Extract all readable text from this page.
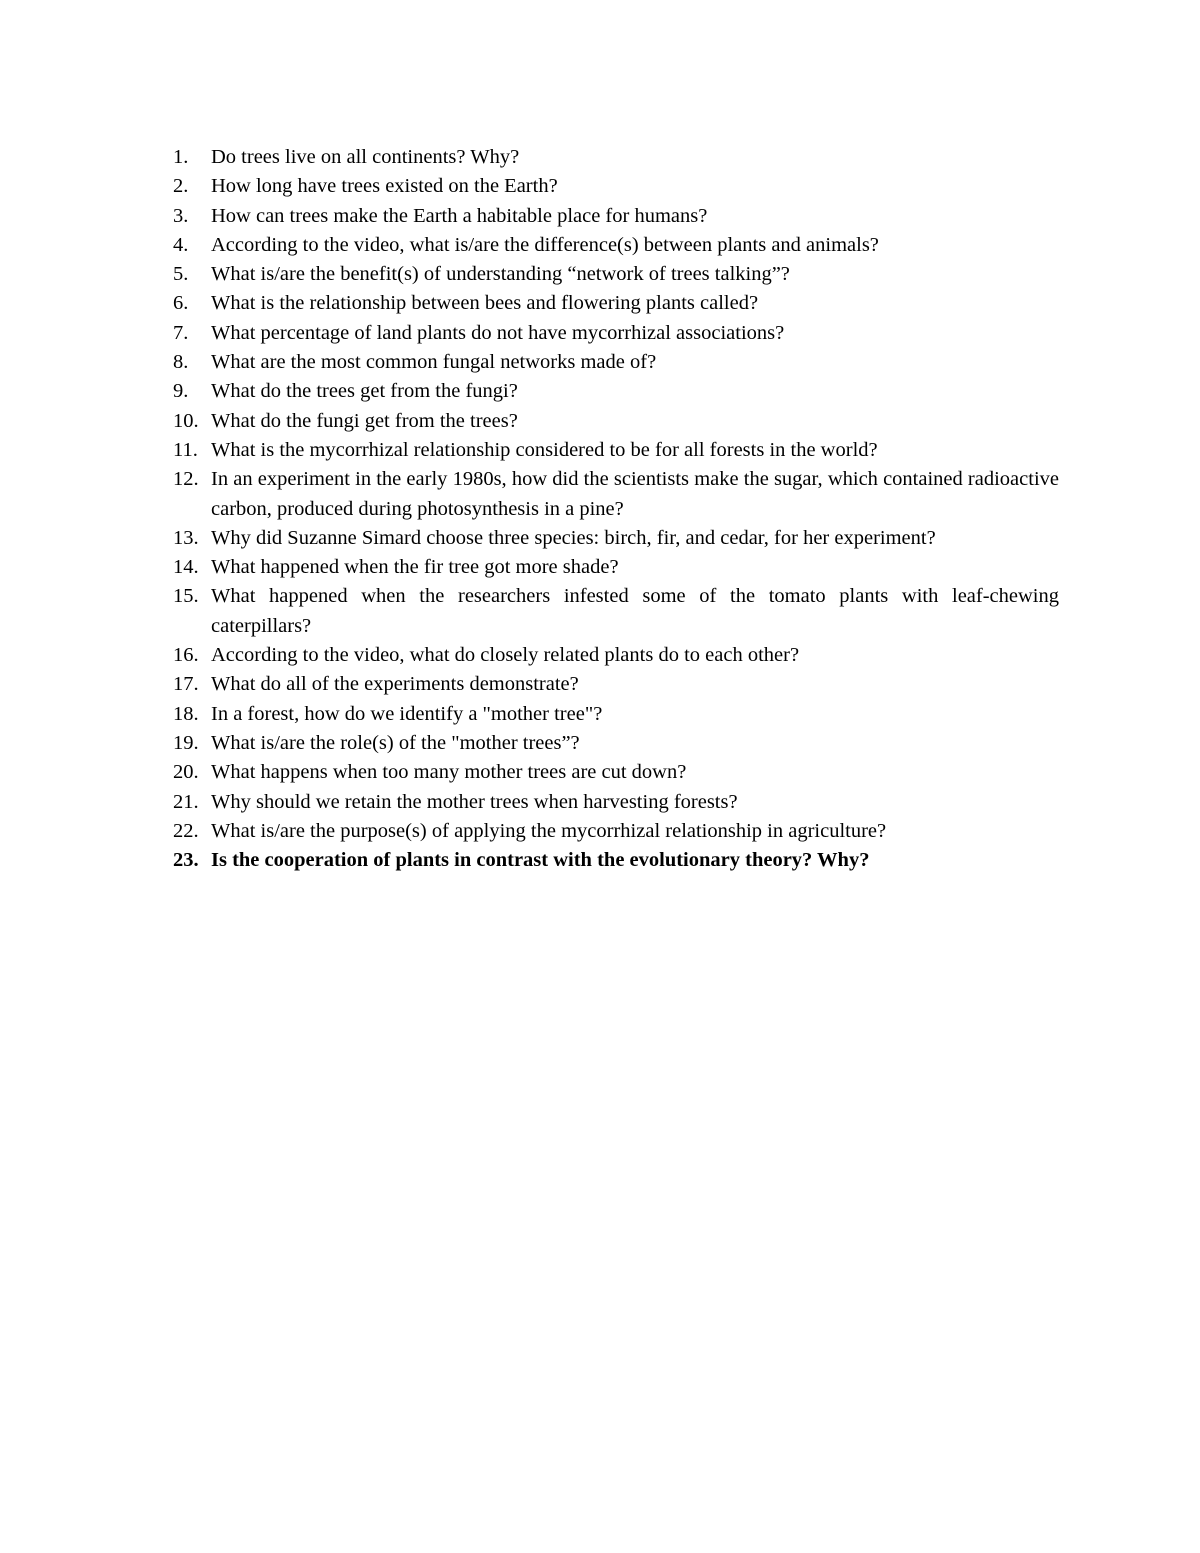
1.	Do trees live on all continents? Why?
2.	How long have trees existed on the Earth?
3.	How can trees make the Earth a habitable place for humans?
4.	According to the video, what is/are the difference(s) between plants and animals?
5.	What is/are the benefit(s) of understanding “network of trees talking”?
6.	What is the relationship between bees and flowering plants called?
7.	What percentage of land plants do not have mycorrhizal associations?
8.	What are the most common fungal networks made of?
9.	What do the trees get from the fungi?
10. What do the fungi get from the trees?
11. What is the mycorrhizal relationship considered to be for all forests in the world?
12. In an experiment in the early 1980s, how did the scientists make the sugar, which contained radioactive carbon, produced during photosynthesis in a pine?
13. Why did Suzanne Simard choose three species: birch, fir, and cedar, for her experiment?
14. What happened when the fir tree got more shade?
15. What happened when the researchers infested some of the tomato plants with leaf-chewing caterpillars?
16. According to the video, what do closely related plants do to each other?
17. What do all of the experiments demonstrate?
18. In a forest, how do we identify a "mother tree"?
19. What is/are the role(s) of the "mother trees”?
20. What happens when too many mother trees are cut down?
21. Why should we retain the mother trees when harvesting forests?
22. What is/are the purpose(s) of applying the mycorrhizal relationship in agriculture?
23. Is the cooperation of plants in contrast with the evolutionary theory? Why?
